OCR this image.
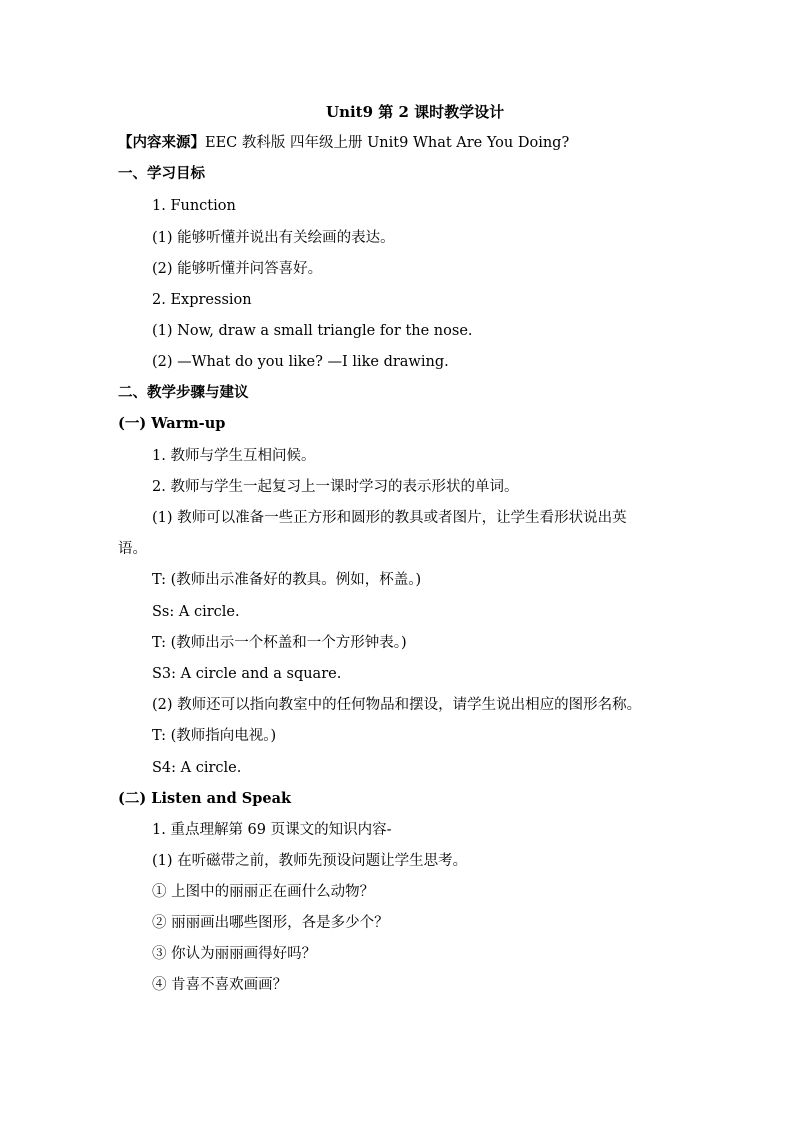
Unit9 第 2 课时教学设计
【内容来源】EEC 教科版 四年级上册 Unit9 What Are You Doing?
一、学习目标
1. Function
(1) 能够听懂并说出有关绘画的表达。
(2) 能够听懂并问答喜好。
2. Expression
(1) Now, draw a small triangle for the nose.
(2) —What do you like? —I like drawing.
二、教学步骤与建议
(一) Warm-up
1. 教师与学生互相问候。
2. 教师与学生一起复习上一课时学习的表示形状的单词。
(1) 教师可以准备一些正方形和圆形的教具或者图片，让学生看形状说出英
语。
T: (教师出示准备好的教具。例如，杯盖。)
Ss: A circle.
T: (教师出示一个杯盖和一个方形钟表。)
S3: A circle and a square.
(2) 教师还可以指向教室中的任何物品和摆设，请学生说出相应的图形名称。
T: (教师指向电视。)
S4: A circle.
(二) Listen and Speak
1. 重点理解第 69 页课文的知识内容-
(1) 在听磁带之前，教师先预设问题让学生思考。
① 上图中的丽丽正在画什么动物？
② 丽丽画出哪些图形，各是多少个？
③ 你认为丽丽画得好吗？
④ 肯喜不喜欢画画？
